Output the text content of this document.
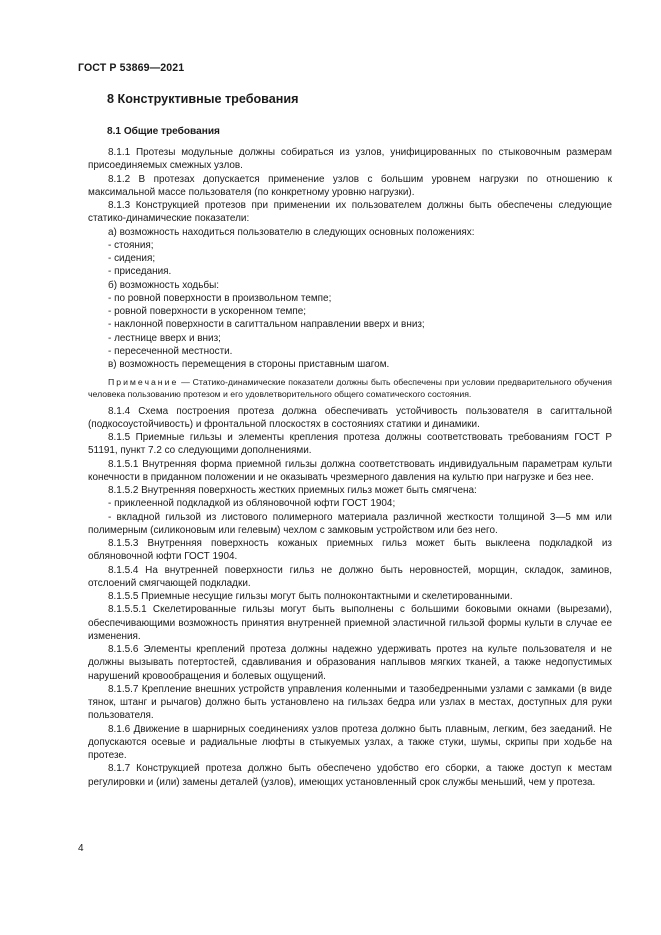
ГОСТ Р 53869—2021
8 Конструктивные требования
8.1 Общие требования

8.1.1 Протезы модульные должны собираться из узлов, унифицированных по стыковочным размерам присоединяемых смежных узлов.

8.1.2 В протезах допускается применение узлов с большим уровнем нагрузки по отношению к максимальной массе пользователя (по конкретному уровню нагрузки).

8.1.3 Конструкцией протезов при применении их пользователем должны быть обеспечены следующие статико-динамические показатели:

а) возможность находиться пользователю в следующих основных положениях:

- стояния;

- сидения;

- приседания.

б) возможность ходьбы:

- по ровной поверхности в произвольном темпе;

- ровной поверхности в ускоренном темпе;

- наклонной поверхности в сагиттальном направлении вверх и вниз;

- лестнице вверх и вниз;

- пересеченной местности.

в) возможность перемещения в стороны приставным шагом.

Примечание — Статико-динамические показатели должны быть обеспечены при условии предварительного обучения человека пользованию протезом и его удовлетворительного общего соматического состояния.

8.1.4 Схема построения протеза должна обеспечивать устойчивость пользователя в сагиттальной (подкосоустойчивость) и фронтальной плоскостях в состояниях статики и динамики.

8.1.5 Приемные гильзы и элементы крепления протеза должны соответствовать требованиям ГОСТ Р 51191, пункт 7.2 со следующими дополнениями.

8.1.5.1 Внутренняя форма приемной гильзы должна соответствовать индивидуальным параметрам культи конечности в приданном положении и не оказывать чрезмерного давления на культю при нагрузке и без нее.

8.1.5.2 Внутренняя поверхность жестких приемных гильз может быть смягчена:

- приклеенной подкладкой из обляновочной юфти ГОСТ 1904;

- вкладной гильзой из листового полимерного материала различной жесткости толщиной 3—5 мм или полимерным (силиконовым или гелевым) чехлом с замковым устройством или без него.

8.1.5.3 Внутренняя поверхность кожаных приемных гильз может быть выклеена подкладкой из обляновочной юфти ГОСТ 1904.

8.1.5.4 На внутренней поверхности гильз не должно быть неровностей, морщин, складок, заминов, отслоений смягчающей подкладки.

8.1.5.5 Приемные несущие гильзы могут быть полноконтактными и скелетированными.

8.1.5.5.1 Скелетированные гильзы могут быть выполнены с большими боковыми окнами (вырезами), обеспечивающими возможность принятия внутренней приемной эластичной гильзой формы культи в случае ее изменения.

8.1.5.6 Элементы креплений протеза должны надежно удерживать протез на культе пользователя и не должны вызывать потертостей, сдавливания и образования наплывов мягких тканей, а также недопустимых нарушений кровообращения и болевых ощущений.

8.1.5.7 Крепление внешних устройств управления коленными и тазобедренными узлами с замками (в виде тянок, штанг и рычагов) должно быть установлено на гильзах бедра или узлах в местах, доступных для руки пользователя.

8.1.6 Движение в шарнирных соединениях узлов протеза должно быть плавным, легким, без заеданий. Не допускаются осевые и радиальные люфты в стыкуемых узлах, а также стуки, шумы, скрипы при ходьбе на протезе.

8.1.7 Конструкцией протеза должно быть обеспечено удобство его сборки, а также доступ к местам регулировки и (или) замены деталей (узлов), имеющих установленный срок службы меньший, чем у протеза.

4
